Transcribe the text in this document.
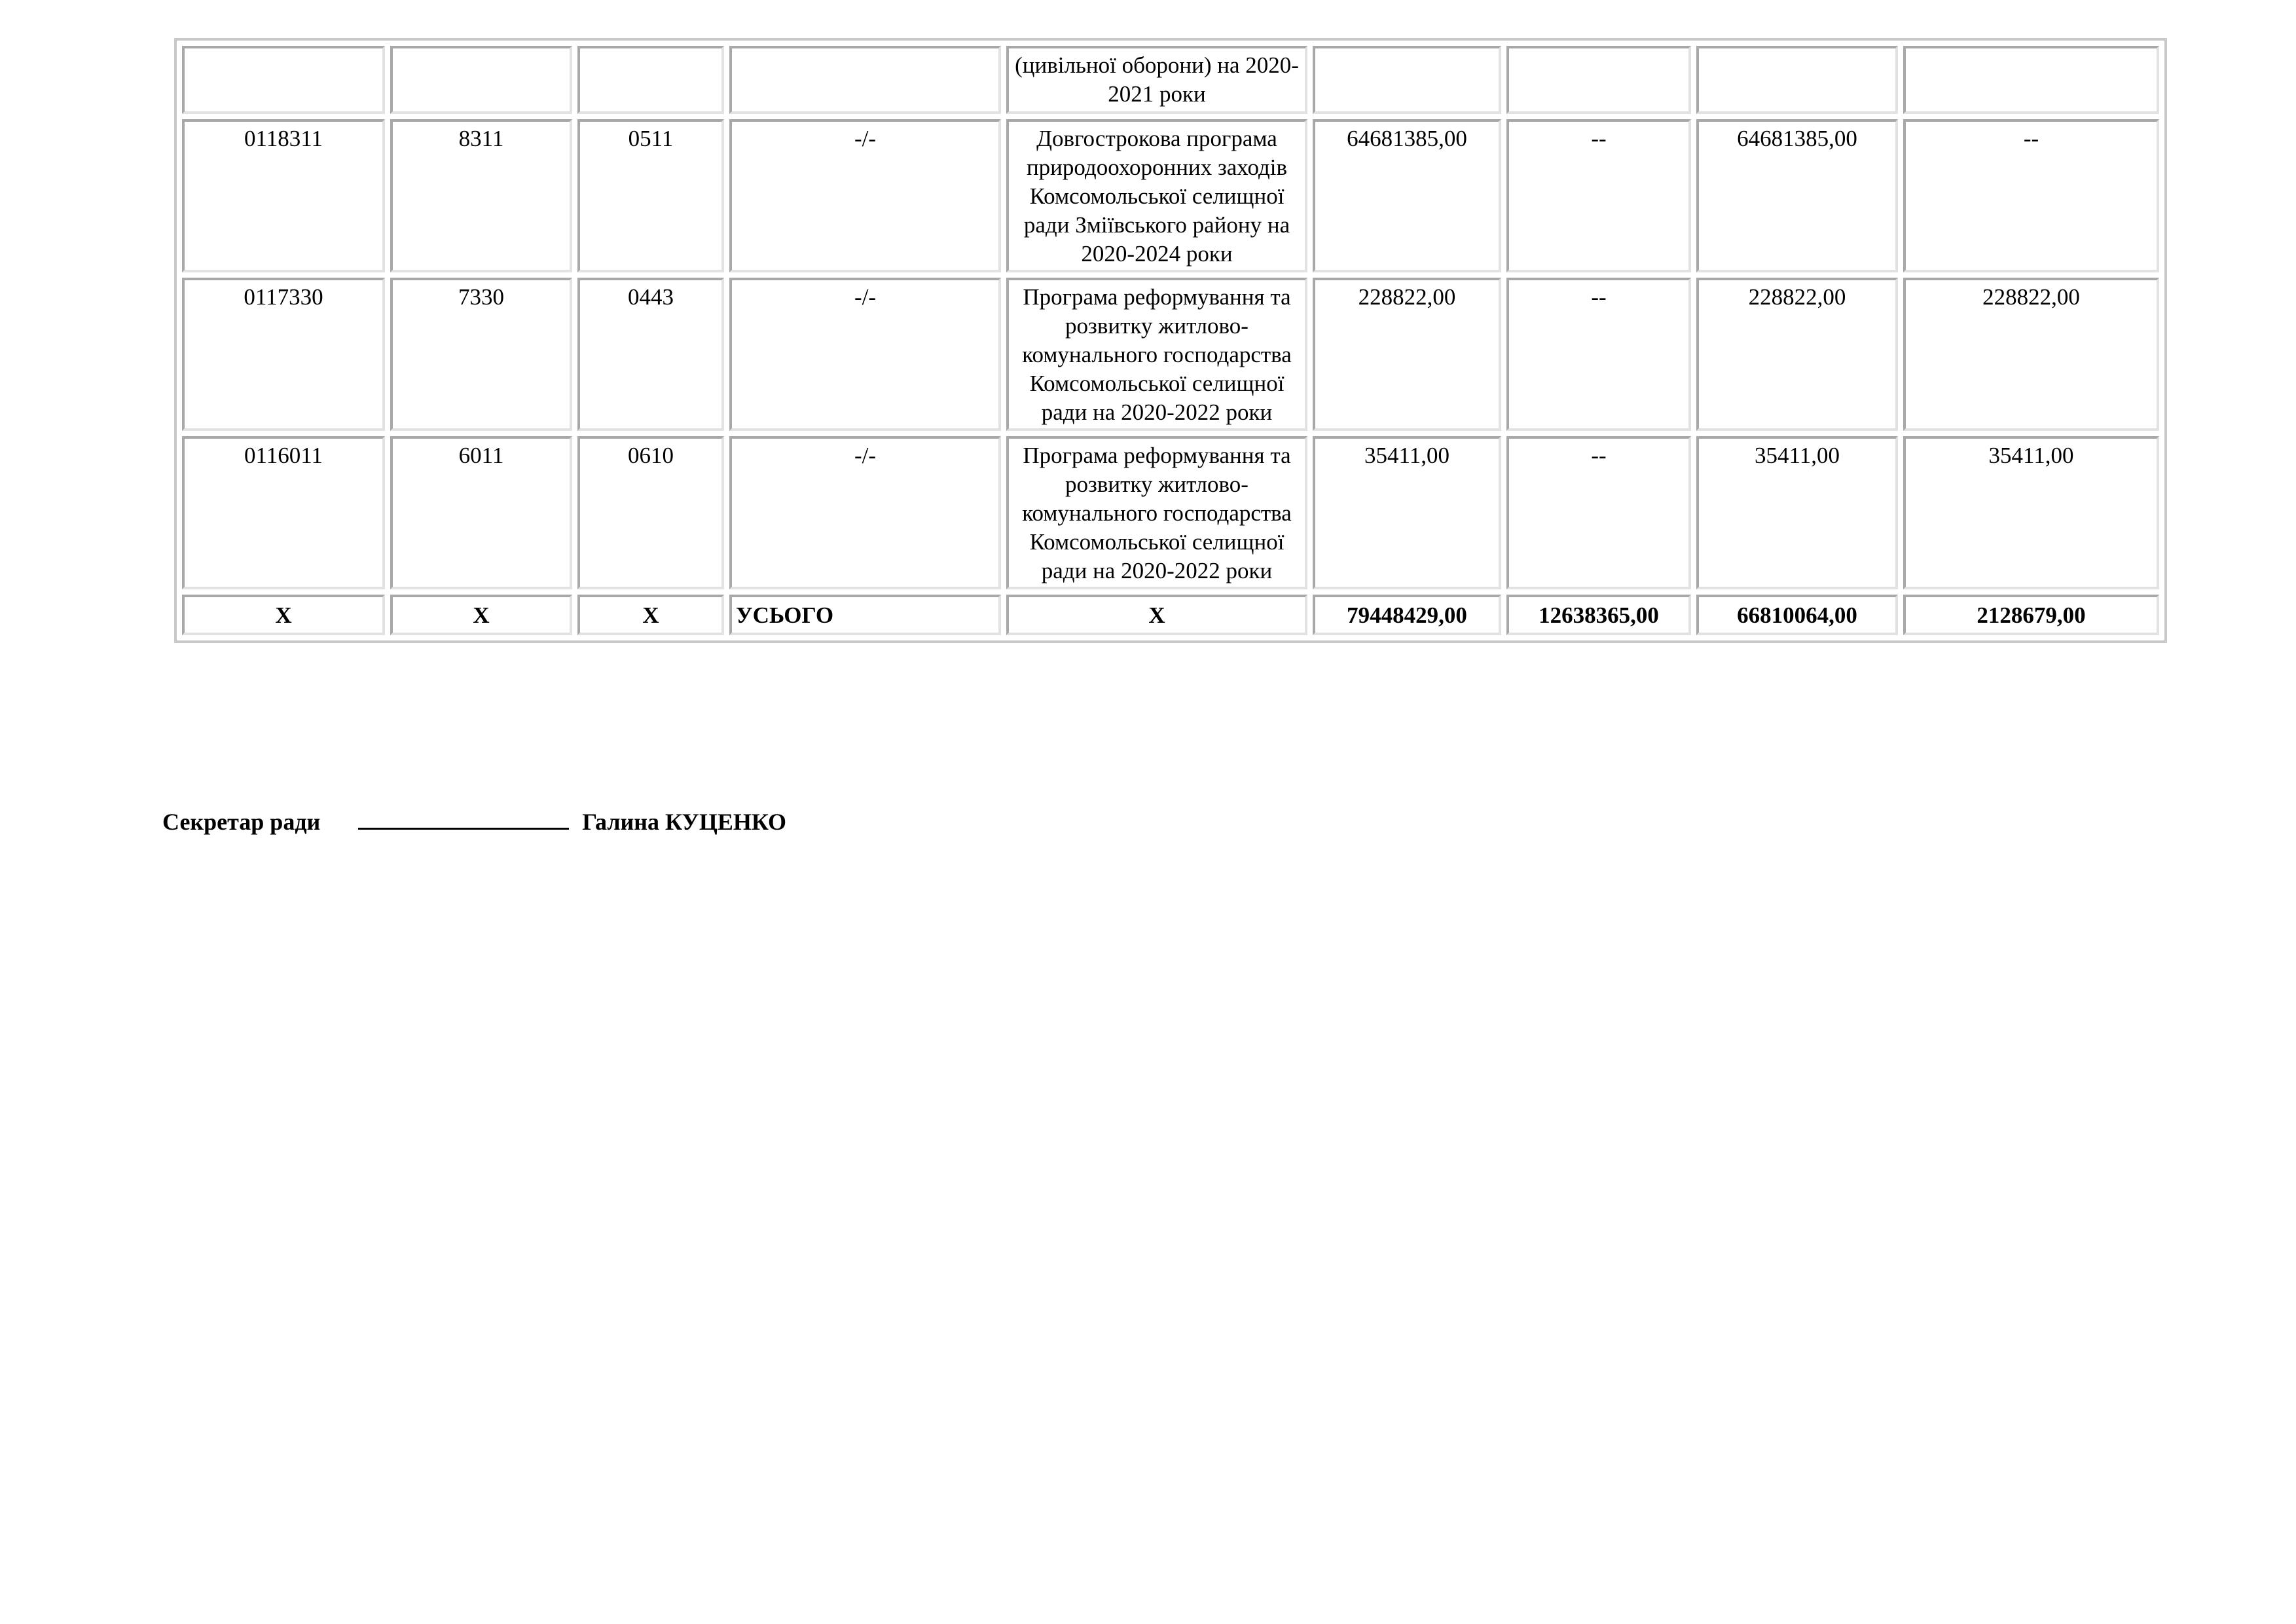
				(цивільної оборони) на 2020-2021 роки				
0118311	8311	0511	-/-	Довгострокова програма природоохоронних заходів Комсомольської селищної ради Зміївського району на 2020-2024 роки	64681385,00	--	64681385,00	--
0117330	7330	0443	-/-	Програма реформування та розвитку житлово-комунального господарства Комсомольської селищної ради на 2020-2022 роки	228822,00	--	228822,00	228822,00
0116011	6011	0610	-/-	Програма реформування та розвитку житлово-комунального господарства Комсомольської селищної ради на 2020-2022 роки	35411,00	--	35411,00	35411,00
Х	Х	Х	УСЬОГО	Х	79448429,00	12638365,00	66810064,00	2128679,00
Секретар ради	Галина КУЦЕНКО
